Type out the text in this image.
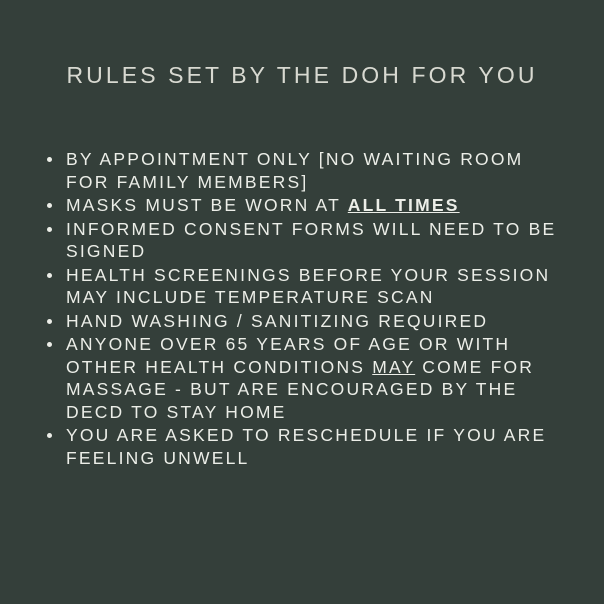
RULES SET BY THE DOH FOR YOU
BY APPOINTMENT ONLY [NO WAITING ROOM FOR FAMILY MEMBERS]
MASKS MUST BE WORN AT ALL TIMES
INFORMED CONSENT FORMS WILL NEED TO BE SIGNED
HEALTH SCREENINGS BEFORE YOUR SESSION MAY INCLUDE TEMPERATURE SCAN
HAND WASHING / SANITIZING REQUIRED
ANYONE OVER 65 YEARS OF AGE OR WITH OTHER HEALTH CONDITIONS MAY COME FOR MASSAGE - BUT ARE ENCOURAGED BY THE DECD TO STAY HOME
YOU ARE ASKED TO RESCHEDULE IF YOU ARE FEELING UNWELL
